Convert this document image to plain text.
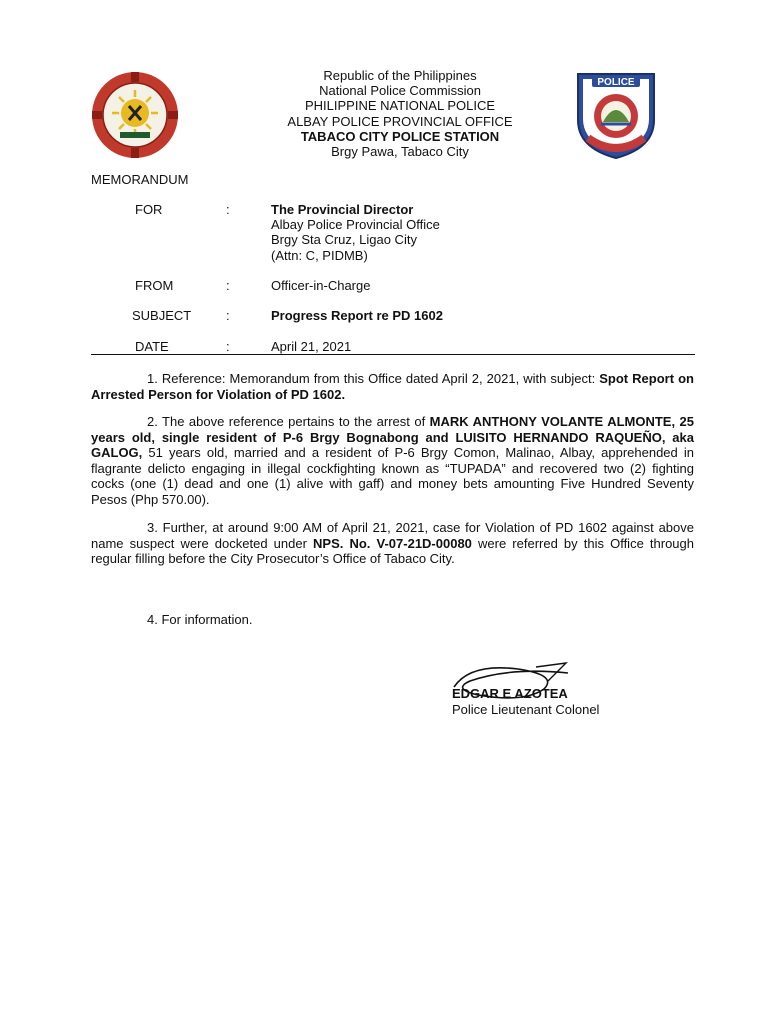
POLICE
Republic of the Philippines
National Police Commission
PHILIPPINE NATIONAL POLICE
ALBAY POLICE PROVINCIAL OFFICE
TABACO CITY POLICE STATION
Brgy Pawa, Tabaco City
MEMORANDUM
FOR	:	The Provincial Director
Albay Police Provincial Office
Brgy Sta Cruz, Ligao City
(Attn: C, PIDMB)
FROM	:	Officer-in-Charge
SUBJECT	:	Progress Report re PD 1602
DATE	:	April 21, 2021
1. Reference: Memorandum from this Office dated April 2, 2021, with subject: Spot Report on Arrested Person for Violation of PD 1602.
2. The above reference pertains to the arrest of MARK ANTHONY VOLANTE ALMONTE, 25 years old, single resident of P-6 Brgy Bognabong and LUISITO HERNANDO RAQUEÑO, aka GALOG, 51 years old, married and a resident of P-6 Brgy Comon, Malinao, Albay, apprehended in flagrante delicto engaging in illegal cockfighting known as “TUPADA” and recovered two (2) fighting cocks (one (1) dead and one (1) alive with gaff) and money bets amounting Five Hundred Seventy Pesos (Php 570.00).
3. Further, at around 9:00 AM of April 21, 2021, case for Violation of PD 1602 against above name suspect were docketed under NPS. No. V-07-21D-00080 were referred by this Office through regular filling before the City Prosecutor’s Office of Tabaco City.
4. For information.
EDGAR E AZOTEA
Police Lieutenant Colonel
